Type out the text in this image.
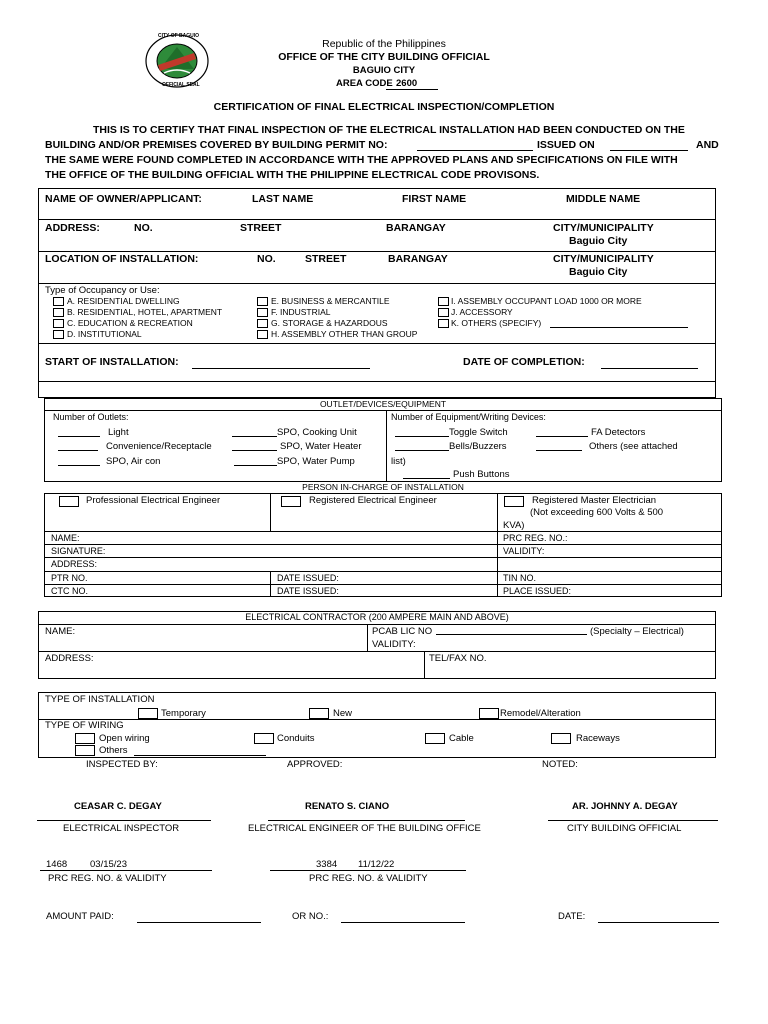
CITY OF BAGUIO
OFFICIAL SEAL
Republic of the Philippines
OFFICE OF THE CITY BUILDING OFFICIAL
BAGUIO CITY
AREA CODE 2600
CERTIFICATION OF FINAL ELECTRICAL INSPECTION/COMPLETION
THIS IS TO CERTIFY THAT FINAL INSPECTION OF THE ELECTRICAL INSTALLATION HAD BEEN CONDUCTED ON THE
BUILDING AND/OR PREMISES COVERED BY BUILDING PERMIT NO:	ISSUED ON	AND
THE SAME WERE FOUND COMPLETED IN ACCORDANCE WITH THE APPROVED PLANS AND SPECIFICATIONS ON FILE WITH
THE OFFICE OF THE BUILDING OFFICIAL WITH THE PHILIPPINE ELECTRICAL CODE PROVISONS.
NAME OF OWNER/APPLICANT:	LAST NAME	FIRST NAME	MIDDLE NAME
ADDRESS:	NO.	STREET	BARANGAY	CITY/MUNICIPALITY
Baguio City
LOCATION OF INSTALLATION:	NO.	STREET	BARANGAY	CITY/MUNICIPALITY
Baguio City
Type of Occupancy or Use:
A. RESIDENTIAL DWELLING
B. RESIDENTIAL, HOTEL, APARTMENT
C. EDUCATION & RECREATION
D. INSTITUTIONAL
E. BUSINESS & MERCANTILE
F. INDUSTRIAL
G. STORAGE & HAZARDOUS
H. ASSEMBLY OTHER THAN GROUP
I. ASSEMBLY OCCUPANT LOAD 1000 OR MORE
J. ACCESSORY
K. OTHERS (SPECIFY)
START OF INSTALLATION:	DATE OF COMPLETION:
OUTLET/DEVICES/EQUIPMENT
Number of Outlets:	Number of Equipment/Writing Devices:
Light	SPO, Cooking Unit
Convenience/Receptacle	SPO, Water Heater
SPO, Air con	SPO, Water Pump
Toggle Switch	FA Detectors
Bells/Buzzers	Others (see attached
list)
Push Buttons
PERSON IN-CHARGE OF INSTALLATION
Professional Electrical Engineer	Registered Electrical Engineer	Registered Master Electrician
(Not exceeding 600 Volts & 500
KVA)
NAME:	PRC REG. NO.:
SIGNATURE:	VALIDITY:
ADDRESS:
PTR NO.	DATE ISSUED:	TIN NO.
CTC NO.	DATE ISSUED:	PLACE ISSUED:
ELECTRICAL CONTRACTOR (200 AMPERE MAIN AND ABOVE)
NAME:	PCAB LIC NO	(Specialty – Electrical)
VALIDITY:
ADDRESS:	TEL/FAX NO.
TYPE OF INSTALLATION
Temporary	New	Remodel/Alteration
TYPE OF WIRING
Open wiring
Others
Conduits	Cable	Raceways
INSPECTED BY:	APPROVED:	NOTED:
CEASAR C. DEGAY	RENATO S. CIANO	AR. JOHNNY A. DEGAY
ELECTRICAL INSPECTOR	ELECTRICAL ENGINEER OF THE BUILDING OFFICE	CITY BUILDING OFFICIAL
1468 03/15/23	3384 11/12/22
PRC REG. NO. & VALIDITY	PRC REG. NO. & VALIDITY
AMOUNT PAID:	OR NO.:	DATE:
